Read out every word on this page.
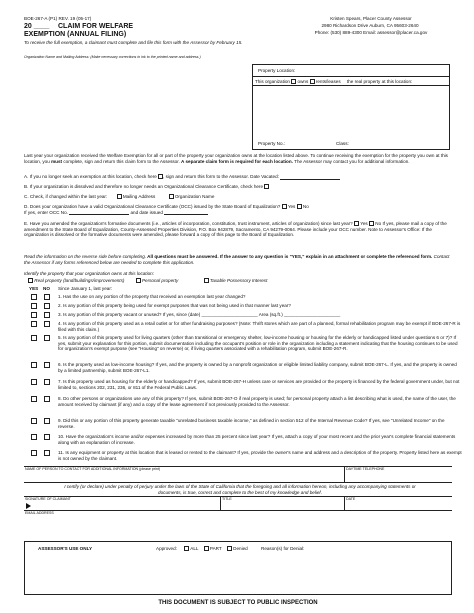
BOE-267-A (P1) REV. 19 (05-17)
20 ____ CLAIM FOR WELFARE
EXEMPTION (ANNUAL FILING)
To receive the full exemption, a claimant must complete and file this form with the Assessor by February 15.
Kristen Spears, Placer County Assessor
2980 Richardson Drive Auburn, CA 95603-2640
Phone: (530) 889-4300 Email: assessor@placer.ca.gov
Organization Name and Mailing Address: (Make necessary corrections in ink to the printed name and address.)
Property Location:
This organization owns rents/leases the real property at this location:
Property No.:	Class:
Last year your organization received the Welfare Exemption for all or part of the property your organization owns at the location listed above. To continue receiving the exemption for the property you own at this location, you must complete, sign and return this claim form to the Assessor. A separate claim form is required for each location. The Assessor may contact you for additional information.
A. If you no longer seek an exemption at this location, check here , sign and return this form to the Assessor. Date Vacated:
B. If your organization is dissolved and therefore no longer needs an Organizational Clearance Certificate, check here
C. Check, if changed within the last year:	Mailing Address	Organization Name
D. Does your organization have a valid Organizational Clearance Certificate (OCC) issued by the State Board of Equalization? Yes No
If yes, enter OCC No.	and date issued
E. Have you amended the organization's formative documents (i.e., articles of incorporation, constitution, trust instrument, articles of organization) since last year? Yes No If yes, please mail a copy of the amendment to the State Board of Equalization, County-Assessed Properties Division, P.O. Box 942879, Sacramento, CA 94279-0064. Please include your OCC number. Note to Assessor's Office: If the organization is dissolved or the formative documents were amended, please forward a copy of this page to the Board of Equalization.
Read the information on the reverse side before completing. All questions must be answered. If the answer to any question is "YES," explain in an attachment or complete the referenced form. Contact the Assessor if any forms referenced below are needed to complete this application.
Identify the property that your organization owns at this location:
Real property (land/buildings/improvements)	Personal property	Taxable Possessory Interest
YES NO Since January 1, last year:
1. Has the use on any portion of the property that received an exemption last year changed?
2. Is any portion of this property being used for exempt purposes that was not being used in that manner last year?
3. Is any portion of this property vacant or unused? If yes, since (date) ______________________ Area (sq.ft.) ______________________
4. Is any portion of this property used as a retail outlet or for other fundraising purposes? (Note: Thrift stores which are part of a planned, formal rehabilitation program may be exempt if BOE-267-R is filed with this claim.)
5. Is any portion of this property used for living quarters (other than transitional or emergency shelter, low-income housing or housing for the elderly or handicapped listed under questions 6 or 7)? If yes, submit your explanation for this portion, submit documentation including the occupant's position or role in the organization including a statement indicating that the housing continues to be used for organization's exempt purpose (see "Housing" on reverse) or, if living quarters associated with a rehabilitation program, submit BOE-267-R.
6. Is the property used as low-income housing? If yes, and the property is owned by a nonprofit organization or eligible limited liability company, submit BOE-267-L. If yes, and the property is owned by a limited partnership, submit BOE-267-L1.
7. Is this property used as housing for the elderly or handicapped? If yes, submit BOE-267-H unless care or services are provided or the property is financed by the federal government under, but not limited to, sections 202, 231, 236, or 811 of the Federal Public Laws.
8. Do other persons or organizations use any of this property? If yes, submit BOE-267-O if real property is used; for personal property attach a list describing what is used, the name of the user, the amount received by claimant (if any) and a copy of the lease agreement if not previously provided to the Assessor.
9. Did this or any portion of this property generate taxable "unrelated business taxable income," as defined in section 512 of the Internal Revenue Code? If yes, see "Unrelated Income" on the reverse.
10. Have the organization's income and/or expenses increased by more than 25 percent since last year? If yes, attach a copy of your most recent and the prior year's complete financial statements along with an explanation of increase.
11. Is any equipment or property at this location that is leased or rented to the claimant? If yes, provide the owner's name and address and a description of the property. Property listed here as exempt is not owned by the claimant.
NAME OF PERSON TO CONTACT FOR ADDITIONAL INFORMATION (please print)	DAYTIME TELEPHONE
I certify (or declare) under penalty of perjury under the laws of the State of California that the foregoing and all information hereon, including any accompanying statements or documents, is true, correct and complete to the best of my knowledge and belief.
SIGNATURE OF CLAIMANT	TITLE	DATE
EMAIL ADDRESS
ASSESSOR'S USE ONLY	Approved:	ALL	PART	Denied	Reason(s) for Denial:
THIS DOCUMENT IS SUBJECT TO PUBLIC INSPECTION
